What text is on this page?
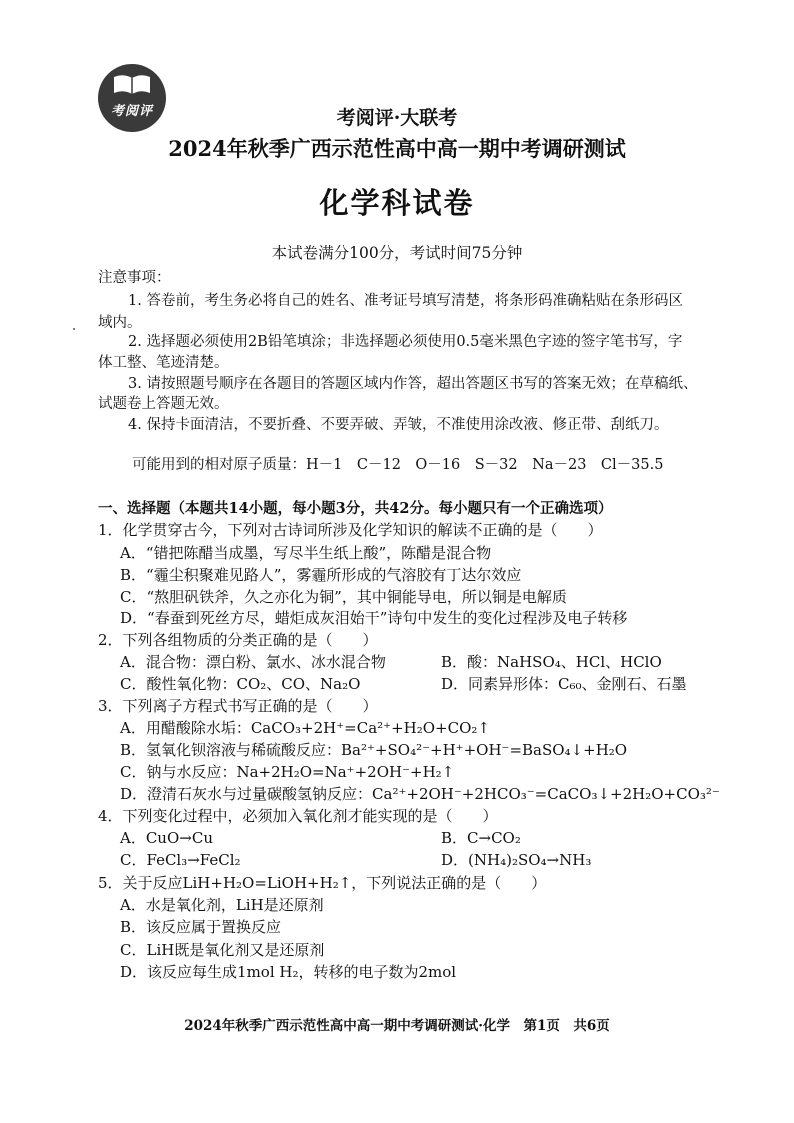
考阅评	考阅评·大联考
2024年秋季广西示范性高中高一期中考调研测试
化学科试卷
本试卷满分100分，考试时间75分钟
注意事项：
1. 答卷前，考生务必将自己的姓名、准考证号填写清楚，将条形码准确粘贴在条形码区
域内。
2. 选择题必须使用2B铅笔填涂；非选择题必须使用0.5毫米黑色字迹的签字笔书写，字
体工整、笔迹清楚。
3. 请按照题号顺序在各题目的答题区域内作答，超出答题区书写的答案无效；在草稿纸、
试题卷上答题无效。
4. 保持卡面清洁，不要折叠、不要弄破、弄皱，不准使用涂改液、修正带、刮纸刀。
可能用到的相对原子质量：H－1　C－12　O－16　S－32　Na－23　Cl－35.5
一、选择题（本题共14小题，每小题3分，共42分。每小题只有一个正确选项）
1．化学贯穿古今，下列对古诗词所涉及化学知识的解读不正确的是（　　）
A．“错把陈醋当成墨，写尽半生纸上酸”，陈醋是混合物
B．“霾尘积聚难见路人”，雾霾所形成的气溶胶有丁达尔效应
C．“熬胆矾铁斧，久之亦化为铜”，其中铜能导电，所以铜是电解质
D．“春蚕到死丝方尽，蜡炬成灰泪始干”诗句中发生的变化过程涉及电子转移
2．下列各组物质的分类正确的是（　　）
A．混合物：漂白粉、氯水、冰水混合物	B．酸：NaHSO₄、HCl、HClO
C．酸性氧化物：CO₂、CO、Na₂O	D．同素异形体：C₆₀、金刚石、石墨
3．下列离子方程式书写正确的是（　　）
A．用醋酸除水垢：CaCO₃+2H⁺=Ca²⁺+H₂O+CO₂↑
B．氢氧化钡溶液与稀硫酸反应：Ba²⁺+SO₄²⁻+H⁺+OH⁻=BaSO₄↓+H₂O
C．钠与水反应：Na+2H₂O=Na⁺+2OH⁻+H₂↑
D．澄清石灰水与过量碳酸氢钠反应：Ca²⁺+2OH⁻+2HCO₃⁻=CaCO₃↓+2H₂O+CO₃²⁻
4．下列变化过程中，必须加入氧化剂才能实现的是（　　）
A．CuO→Cu	B．C→CO₂
C．FeCl₃→FeCl₂	D．(NH₄)₂SO₄→NH₃
5．关于反应LiH+H₂O=LiOH+H₂↑，下列说法正确的是（　　）
A．水是氧化剂，LiH是还原剂
B．该反应属于置换反应
C．LiH既是氧化剂又是还原剂
D．该反应每生成1mol H₂，转移的电子数为2mol
2024年秋季广西示范性高中高一期中考调研测试·化学　第1页　共6页
